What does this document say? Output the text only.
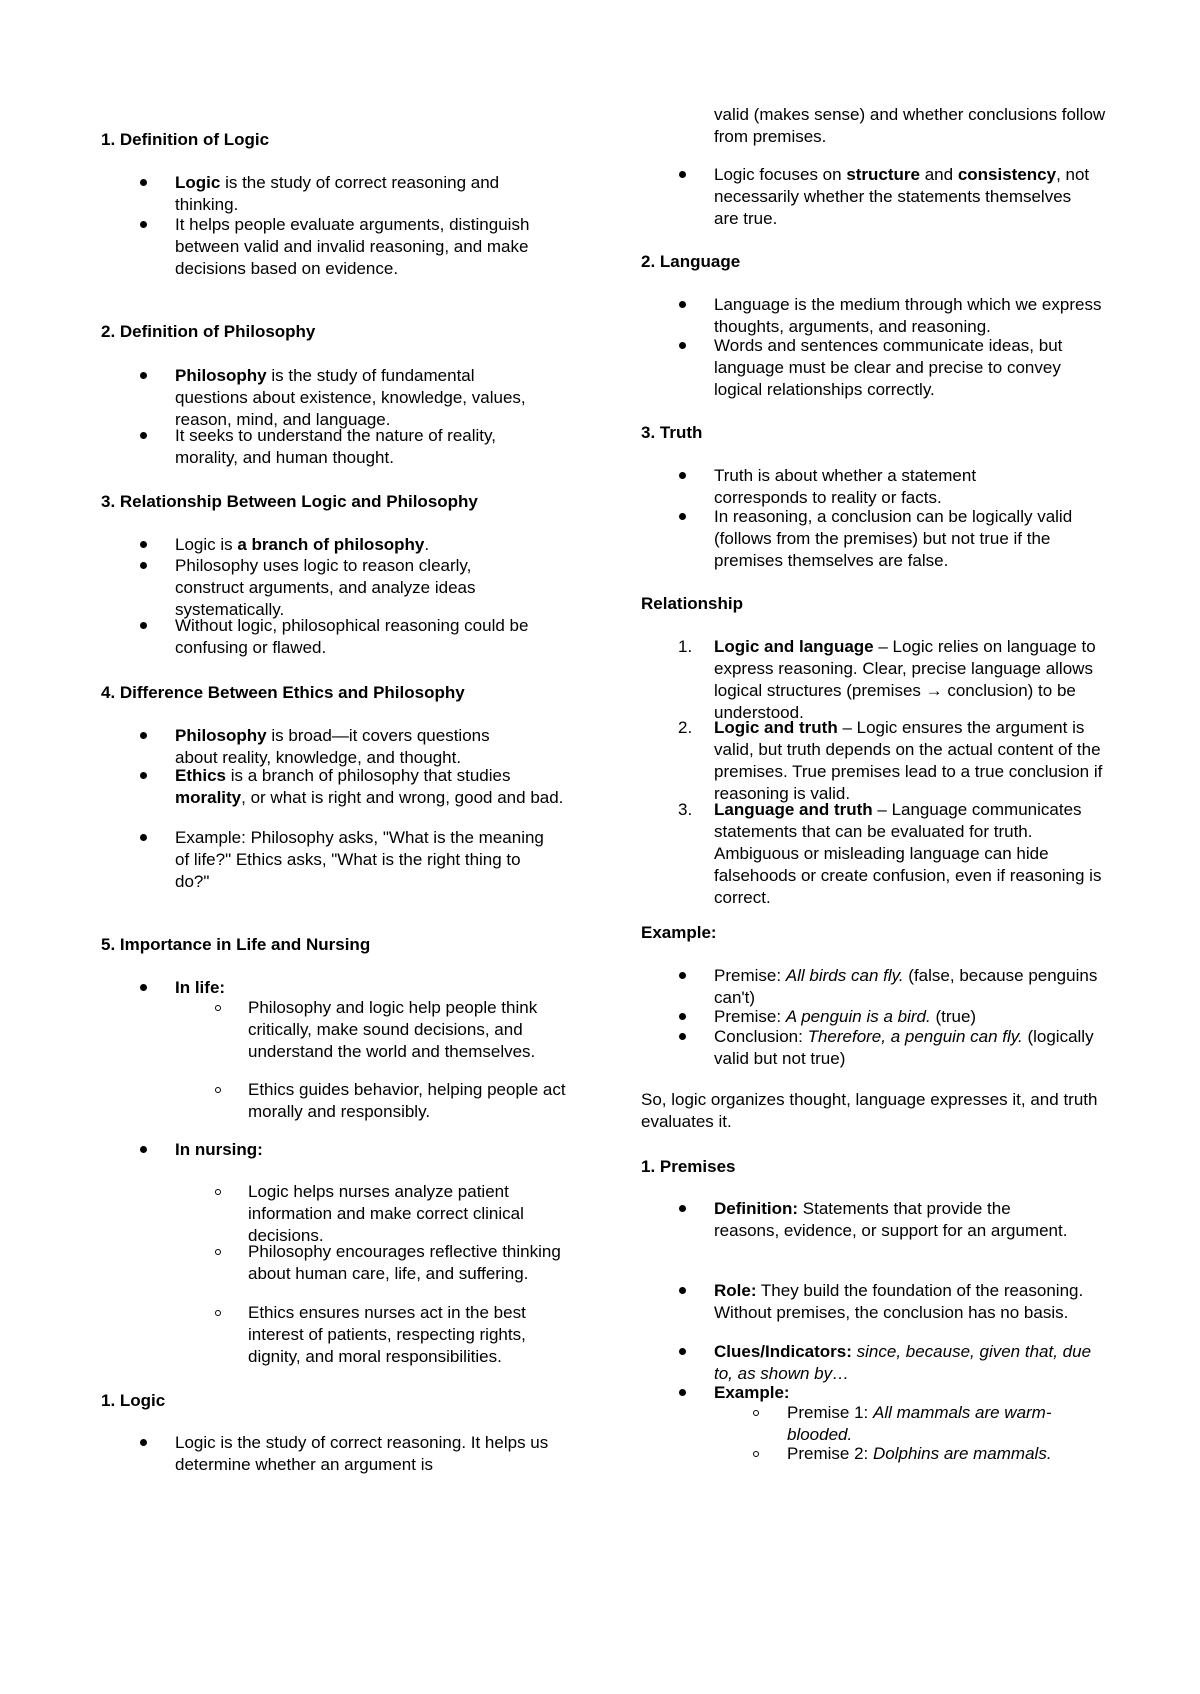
1. Definition of Logic
Logic is the study of correct reasoning and thinking.
It helps people evaluate arguments, distinguish between valid and invalid reasoning, and make decisions based on evidence.
2. Definition of Philosophy
Philosophy is the study of fundamental questions about existence, knowledge, values, reason, mind, and language.
It seeks to understand the nature of reality, morality, and human thought.
3. Relationship Between Logic and Philosophy
Logic is a branch of philosophy.
Philosophy uses logic to reason clearly, construct arguments, and analyze ideas systematically.
Without logic, philosophical reasoning could be confusing or flawed.
4. Difference Between Ethics and Philosophy
Philosophy is broad—it covers questions about reality, knowledge, and thought.
Ethics is a branch of philosophy that studies morality, or what is right and wrong, good and bad.
Example: Philosophy asks, "What is the meaning of life?" Ethics asks, "What is the right thing to do?"
5. Importance in Life and Nursing
In life:
Philosophy and logic help people think critically, make sound decisions, and understand the world and themselves.
Ethics guides behavior, helping people act morally and responsibly.
In nursing:
Logic helps nurses analyze patient information and make correct clinical decisions.
Philosophy encourages reflective thinking about human care, life, and suffering.
Ethics ensures nurses act in the best interest of patients, respecting rights, dignity, and moral responsibilities.
1. Logic
Logic is the study of correct reasoning. It helps us determine whether an argument is
valid (makes sense) and whether conclusions follow from premises.
Logic focuses on structure and consistency, not necessarily whether the statements themselves are true.
2. Language
Language is the medium through which we express thoughts, arguments, and reasoning.
Words and sentences communicate ideas, but language must be clear and precise to convey logical relationships correctly.
3. Truth
Truth is about whether a statement corresponds to reality or facts.
In reasoning, a conclusion can be logically valid (follows from the premises) but not true if the premises themselves are false.
Relationship
1. Logic and language – Logic relies on language to express reasoning. Clear, precise language allows logical structures (premises → conclusion) to be understood.
2. Logic and truth – Logic ensures the argument is valid, but truth depends on the actual content of the premises. True premises lead to a true conclusion if reasoning is valid.
3. Language and truth – Language communicates statements that can be evaluated for truth. Ambiguous or misleading language can hide falsehoods or create confusion, even if reasoning is correct.
Example:
Premise: All birds can fly. (false, because penguins can't)
Premise: A penguin is a bird. (true)
Conclusion: Therefore, a penguin can fly. (logically valid but not true)
So, logic organizes thought, language expresses it, and truth evaluates it.
1. Premises
Definition: Statements that provide the reasons, evidence, or support for an argument.
Role: They build the foundation of the reasoning. Without premises, the conclusion has no basis.
Clues/Indicators: since, because, given that, due to, as shown by…
Example:
Premise 1: All mammals are warm-blooded.
Premise 2: Dolphins are mammals.
